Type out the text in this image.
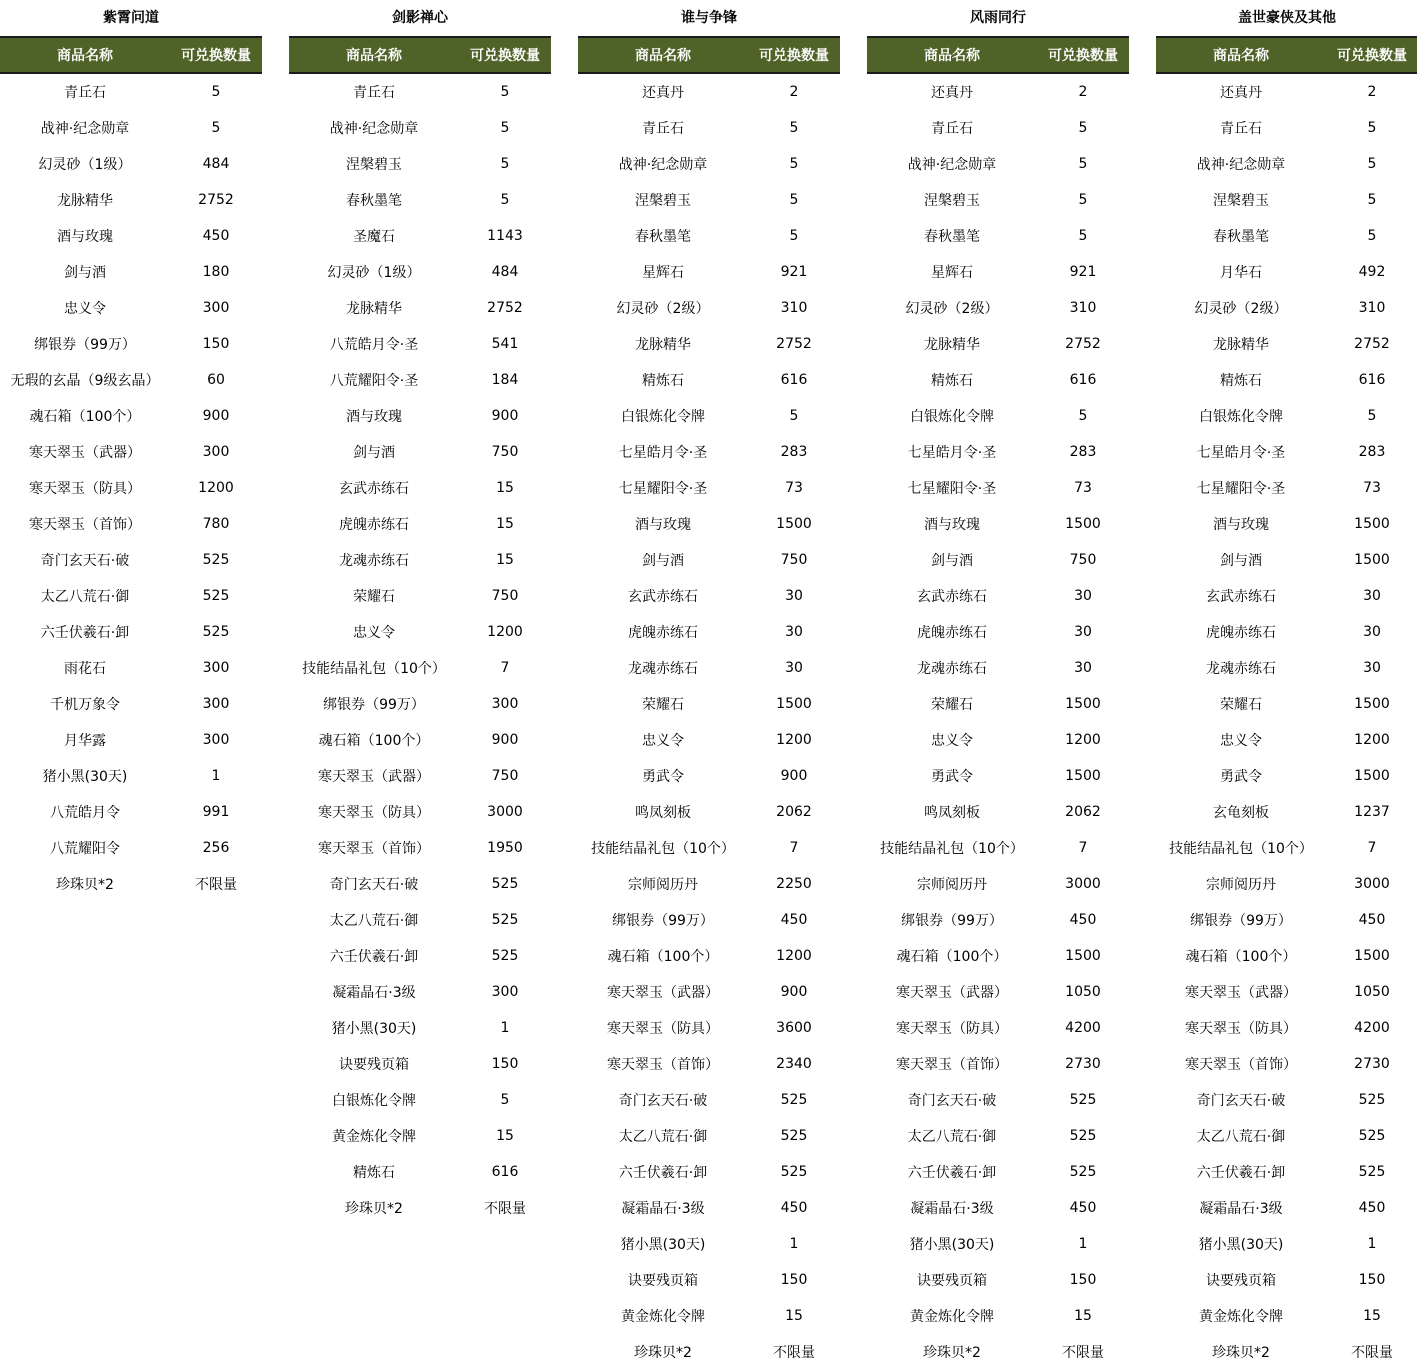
紫霄问道
商品名称	可兑换数量
青丘石	5
战神·纪念勋章	5
幻灵砂（1级）	484
龙脉精华	2752
酒与玫瑰	450
剑与酒	180
忠义令	300
绑银券（99万）	150
无瑕的玄晶（9级玄晶）	60
魂石箱（100个）	900
寒天翠玉（武器）	300
寒天翠玉（防具）	1200
寒天翠玉（首饰）	780
奇门玄天石·破	525
太乙八荒石·御	525
六壬伏羲石·卸	525
雨花石	300
千机万象令	300
月华露	300
猪小黑(30天)	1
八荒皓月令	991
八荒耀阳令	256
珍珠贝*2	不限量
剑影禅心
商品名称	可兑换数量
青丘石	5
战神·纪念勋章	5
涅槃碧玉	5
春秋墨笔	5
圣魔石	1143
幻灵砂（1级）	484
龙脉精华	2752
八荒皓月令·圣	541
八荒耀阳令·圣	184
酒与玫瑰	900
剑与酒	750
玄武赤练石	15
虎魄赤练石	15
龙魂赤练石	15
荣耀石	750
忠义令	1200
技能结晶礼包（10个）	7
绑银券（99万）	300
魂石箱（100个）	900
寒天翠玉（武器）	750
寒天翠玉（防具）	3000
寒天翠玉（首饰）	1950
奇门玄天石·破	525
太乙八荒石·御	525
六壬伏羲石·卸	525
凝霜晶石·3级	300
猪小黑(30天)	1
诀要残页箱	150
白银炼化令牌	5
黄金炼化令牌	15
精炼石	616
珍珠贝*2	不限量
谁与争锋
商品名称	可兑换数量
还真丹	2
青丘石	5
战神·纪念勋章	5
涅槃碧玉	5
春秋墨笔	5
星辉石	921
幻灵砂（2级）	310
龙脉精华	2752
精炼石	616
白银炼化令牌	5
七星皓月令·圣	283
七星耀阳令·圣	73
酒与玫瑰	1500
剑与酒	750
玄武赤练石	30
虎魄赤练石	30
龙魂赤练石	30
荣耀石	1500
忠义令	1200
勇武令	900
鸣凤刻板	2062
技能结晶礼包（10个）	7
宗师阅历丹	2250
绑银券（99万）	450
魂石箱（100个）	1200
寒天翠玉（武器）	900
寒天翠玉（防具）	3600
寒天翠玉（首饰）	2340
奇门玄天石·破	525
太乙八荒石·御	525
六壬伏羲石·卸	525
凝霜晶石·3级	450
猪小黑(30天)	1
诀要残页箱	150
黄金炼化令牌	15
珍珠贝*2	不限量
风雨同行
商品名称	可兑换数量
还真丹	2
青丘石	5
战神·纪念勋章	5
涅槃碧玉	5
春秋墨笔	5
星辉石	921
幻灵砂（2级）	310
龙脉精华	2752
精炼石	616
白银炼化令牌	5
七星皓月令·圣	283
七星耀阳令·圣	73
酒与玫瑰	1500
剑与酒	750
玄武赤练石	30
虎魄赤练石	30
龙魂赤练石	30
荣耀石	1500
忠义令	1200
勇武令	1500
鸣凤刻板	2062
技能结晶礼包（10个）	7
宗师阅历丹	3000
绑银券（99万）	450
魂石箱（100个）	1500
寒天翠玉（武器）	1050
寒天翠玉（防具）	4200
寒天翠玉（首饰）	2730
奇门玄天石·破	525
太乙八荒石·御	525
六壬伏羲石·卸	525
凝霜晶石·3级	450
猪小黑(30天)	1
诀要残页箱	150
黄金炼化令牌	15
珍珠贝*2	不限量
盖世豪侠及其他
商品名称	可兑换数量
还真丹	2
青丘石	5
战神·纪念勋章	5
涅槃碧玉	5
春秋墨笔	5
月华石	492
幻灵砂（2级）	310
龙脉精华	2752
精炼石	616
白银炼化令牌	5
七星皓月令·圣	283
七星耀阳令·圣	73
酒与玫瑰	1500
剑与酒	1500
玄武赤练石	30
虎魄赤练石	30
龙魂赤练石	30
荣耀石	1500
忠义令	1200
勇武令	1500
玄龟刻板	1237
技能结晶礼包（10个）	7
宗师阅历丹	3000
绑银券（99万）	450
魂石箱（100个）	1500
寒天翠玉（武器）	1050
寒天翠玉（防具）	4200
寒天翠玉（首饰）	2730
奇门玄天石·破	525
太乙八荒石·御	525
六壬伏羲石·卸	525
凝霜晶石·3级	450
猪小黑(30天)	1
诀要残页箱	150
黄金炼化令牌	15
珍珠贝*2	不限量
